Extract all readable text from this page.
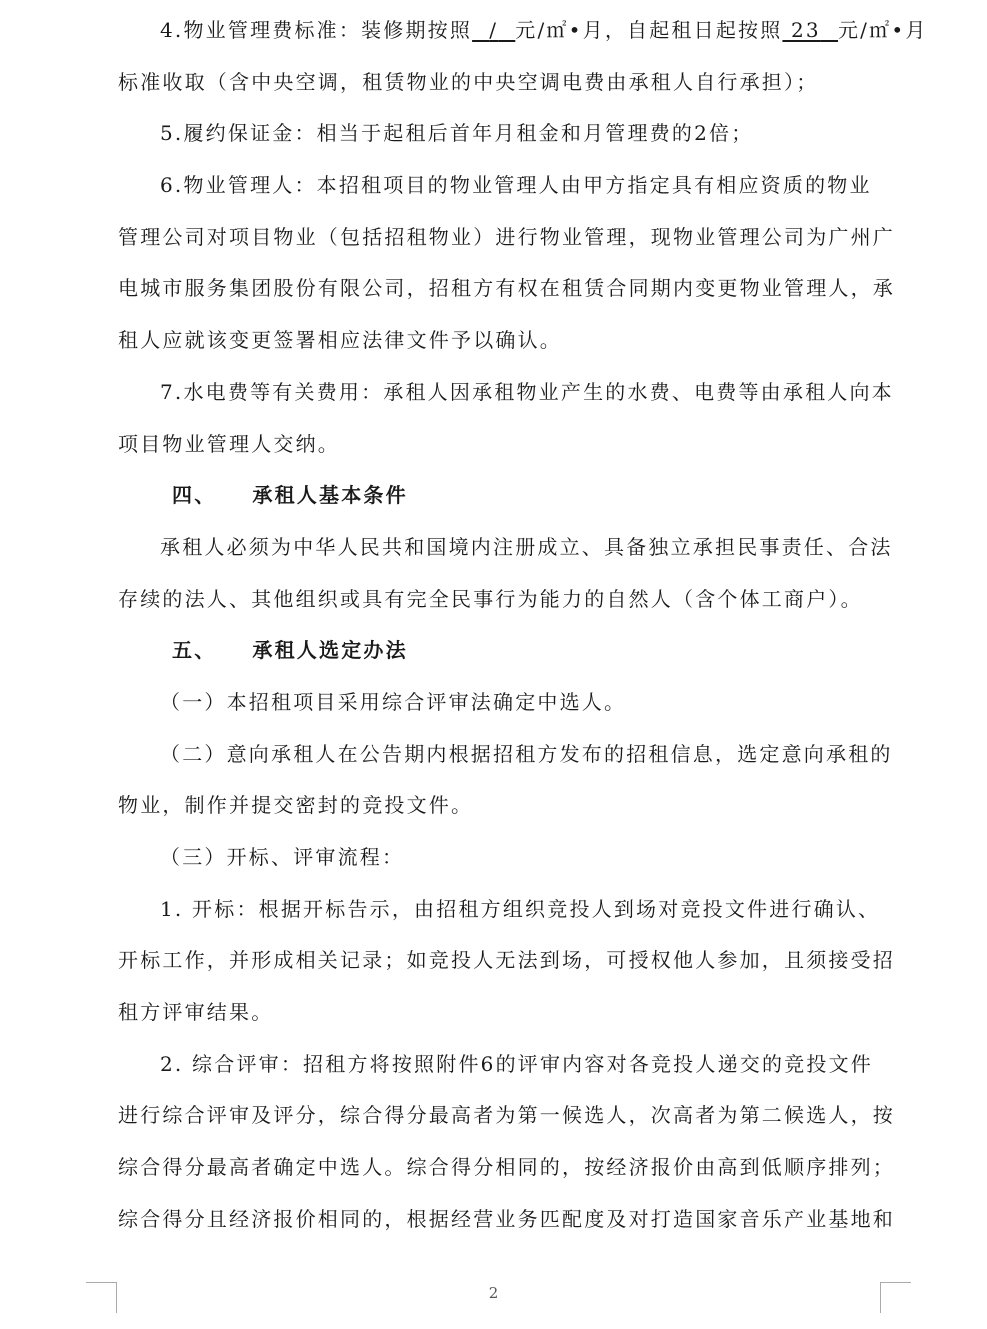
4.物业管理费标准：装修期按照 / 元/㎡•月，自起租日起按照 23 元/㎡•月
标准收取（含中央空调，租赁物业的中央空调电费由承租人自行承担）；
5.履约保证金：相当于起租后首年月租金和月管理费的2倍；
6.物业管理人：本招租项目的物业管理人由甲方指定具有相应资质的物业
管理公司对项目物业（包括招租物业）进行物业管理，现物业管理公司为广州广
电城市服务集团股份有限公司，招租方有权在租赁合同期内变更物业管理人，承
租人应就该变更签署相应法律文件予以确认。
7.水电费等有关费用：承租人因承租物业产生的水费、电费等由承租人向本
项目物业管理人交纳。
四、 承租人基本条件
承租人必须为中华人民共和国境内注册成立、具备独立承担民事责任、合法
存续的法人、其他组织或具有完全民事行为能力的自然人（含个体工商户）。
五、 承租人选定办法
（一）本招租项目采用综合评审法确定中选人。
（二）意向承租人在公告期内根据招租方发布的招租信息，选定意向承租的
物业，制作并提交密封的竞投文件。
（三）开标、评审流程：
1. 开标：根据开标告示，由招租方组织竞投人到场对竞投文件进行确认、
开标工作，并形成相关记录；如竞投人无法到场，可授权他人参加，且须接受招
租方评审结果。
2. 综合评审：招租方将按照附件6的评审内容对各竞投人递交的竞投文件
进行综合评审及评分，综合得分最高者为第一候选人，次高者为第二候选人，按
综合得分最高者确定中选人。综合得分相同的，按经济报价由高到低顺序排列；
综合得分且经济报价相同的，根据经营业务匹配度及对打造国家音乐产业基地和
2
